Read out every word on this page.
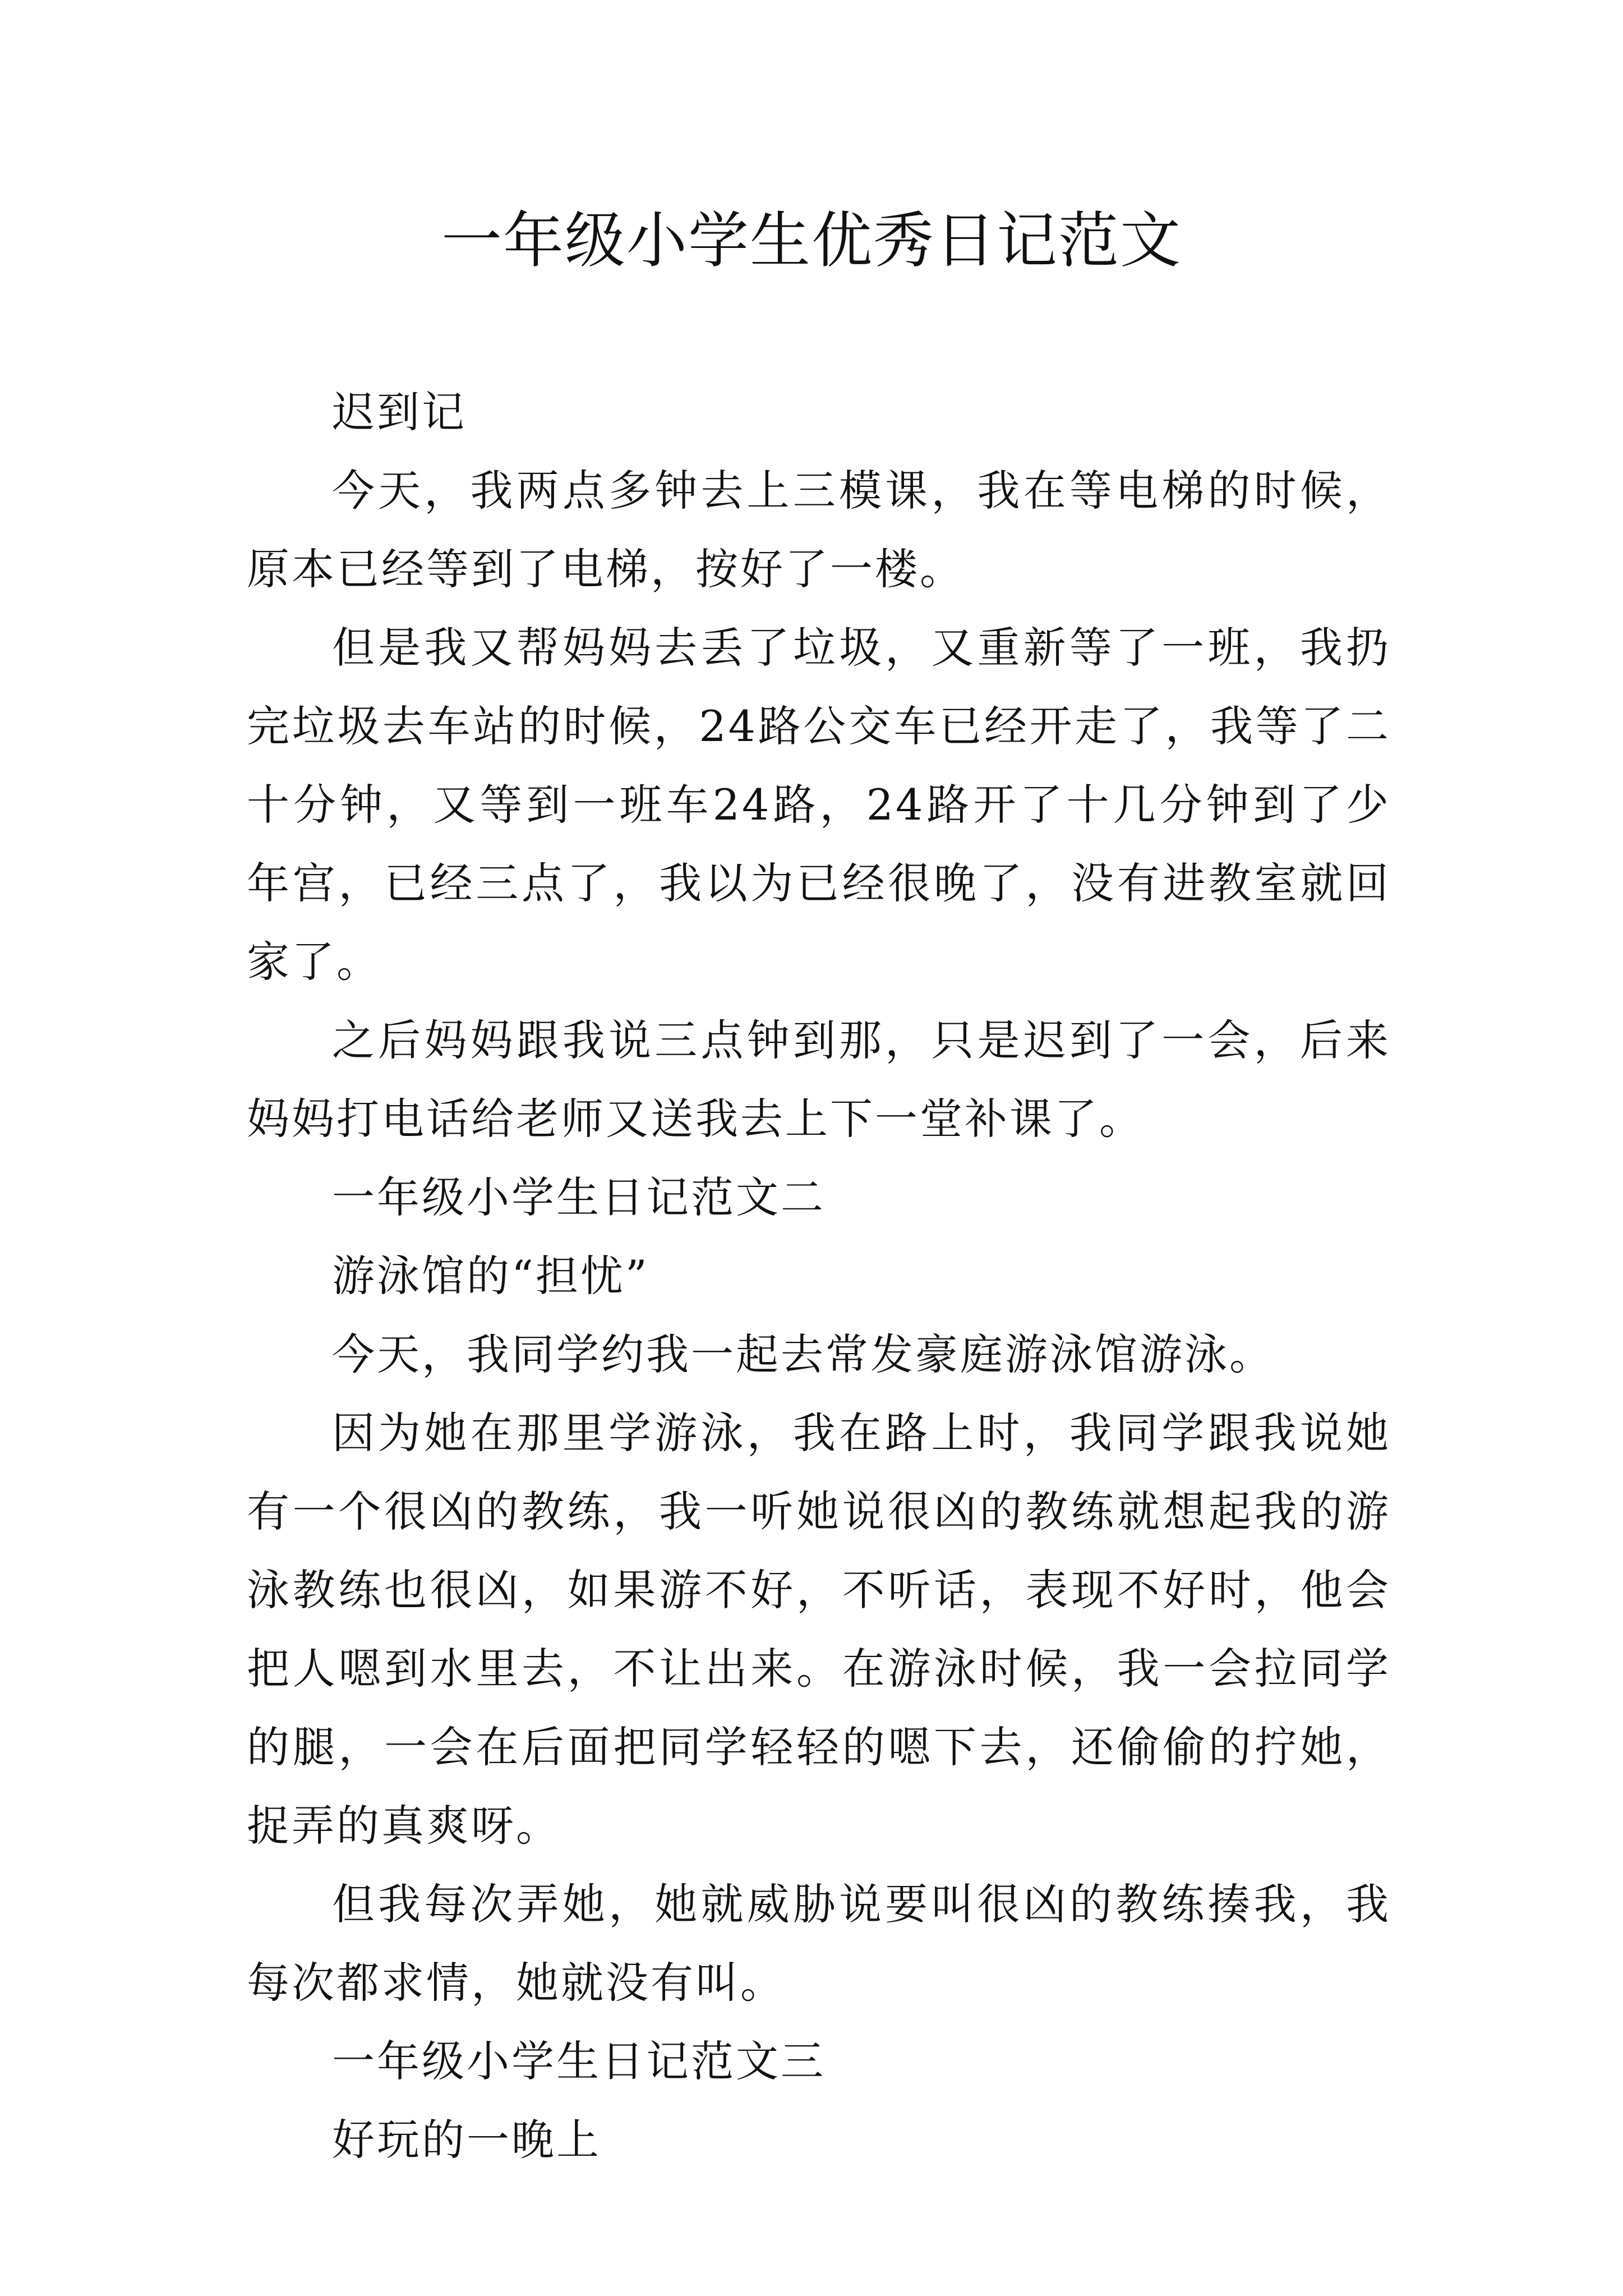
一年级小学生优秀日记范文

迟到记

今天，我两点多钟去上三模课，我在等电梯的时候，原本已经等到了电梯，按好了一楼。

但是我又帮妈妈去丢了垃圾，又重新等了一班，我扔完垃圾去车站的时候，24路公交车已经开走了，我等了二十分钟，又等到一班车24路，24路开了十几分钟到了少年宫，已经三点了，我以为已经很晚了，没有进教室就回家了。

之后妈妈跟我说三点钟到那，只是迟到了一会，后来妈妈打电话给老师又送我去上下一堂补课了。

一年级小学生日记范文二

游泳馆的“担忧”

今天，我同学约我一起去常发豪庭游泳馆游泳。

因为她在那里学游泳，我在路上时，我同学跟我说她有一个很凶的教练，我一听她说很凶的教练就想起我的游泳教练也很凶，如果游不好，不听话，表现不好时，他会把人嗯到水里去，不让出来。在游泳时候，我一会拉同学的腿，一会在后面把同学轻轻的嗯下去，还偷偷的拧她，捉弄的真爽呀。

但我每次弄她，她就威胁说要叫很凶的教练揍我，我每次都求情，她就没有叫。

一年级小学生日记范文三

好玩的一晚上
